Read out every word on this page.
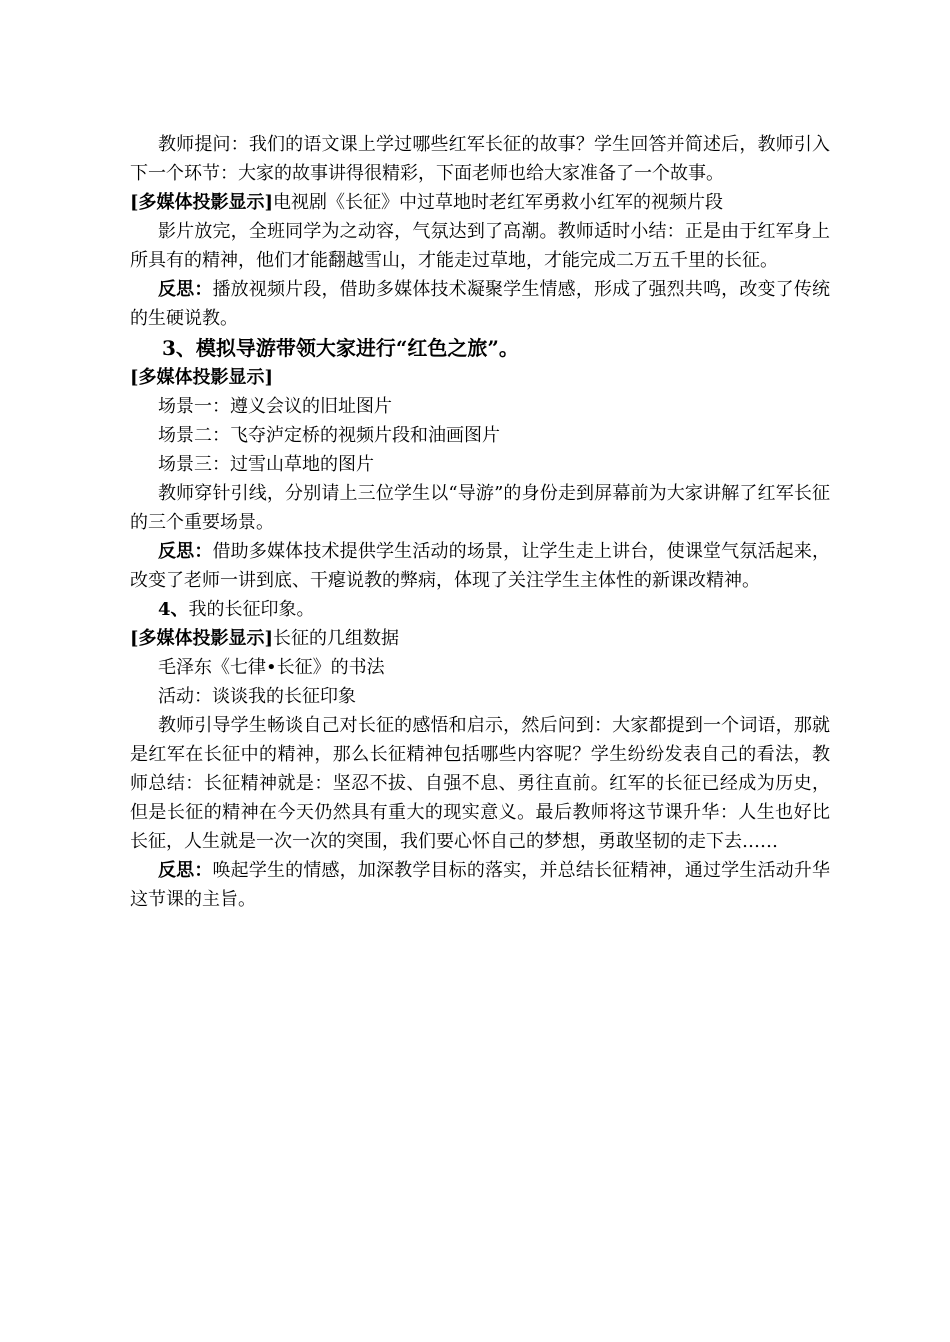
教师提问：我们的语文课上学过哪些红军长征的故事？学生回答并简述后，教师引入下一个环节：大家的故事讲得很精彩，下面老师也给大家准备了一个故事。

[多媒体投影显示]电视剧《长征》中过草地时老红军勇救小红军的视频片段

影片放完，全班同学为之动容，气氛达到了高潮。教师适时小结：正是由于红军身上所具有的精神，他们才能翻越雪山，才能走过草地，才能完成二万五千里的长征。

反思：播放视频片段，借助多媒体技术凝聚学生情感，形成了强烈共鸣，改变了传统的生硬说教。

3、模拟导游带领大家进行“红色之旅”。

[多媒体投影显示]

场景一：遵义会议的旧址图片

场景二：飞夺泸定桥的视频片段和油画图片

场景三：过雪山草地的图片

教师穿针引线，分别请上三位学生以“导游”的身份走到屏幕前为大家讲解了红军长征的三个重要场景。

反思：借助多媒体技术提供学生活动的场景，让学生走上讲台，使课堂气氛活起来，改变了老师一讲到底、干瘪说教的弊病，体现了关注学生主体性的新课改精神。

4、我的长征印象。

[多媒体投影显示]长征的几组数据

毛泽东《七律•长征》的书法

活动：谈谈我的长征印象

教师引导学生畅谈自己对长征的感悟和启示，然后问到：大家都提到一个词语，那就是红军在长征中的精神，那么长征精神包括哪些内容呢？学生纷纷发表自己的看法，教师总结：长征精神就是：坚忍不拔、自强不息、勇往直前。红军的长征已经成为历史，但是长征的精神在今天仍然具有重大的现实意义。最后教师将这节课升华：人生也好比长征，人生就是一次一次的突围，我们要心怀自己的梦想，勇敢坚韧的走下去……

反思：唤起学生的情感，加深教学目标的落实，并总结长征精神，通过学生活动升华这节课的主旨。
